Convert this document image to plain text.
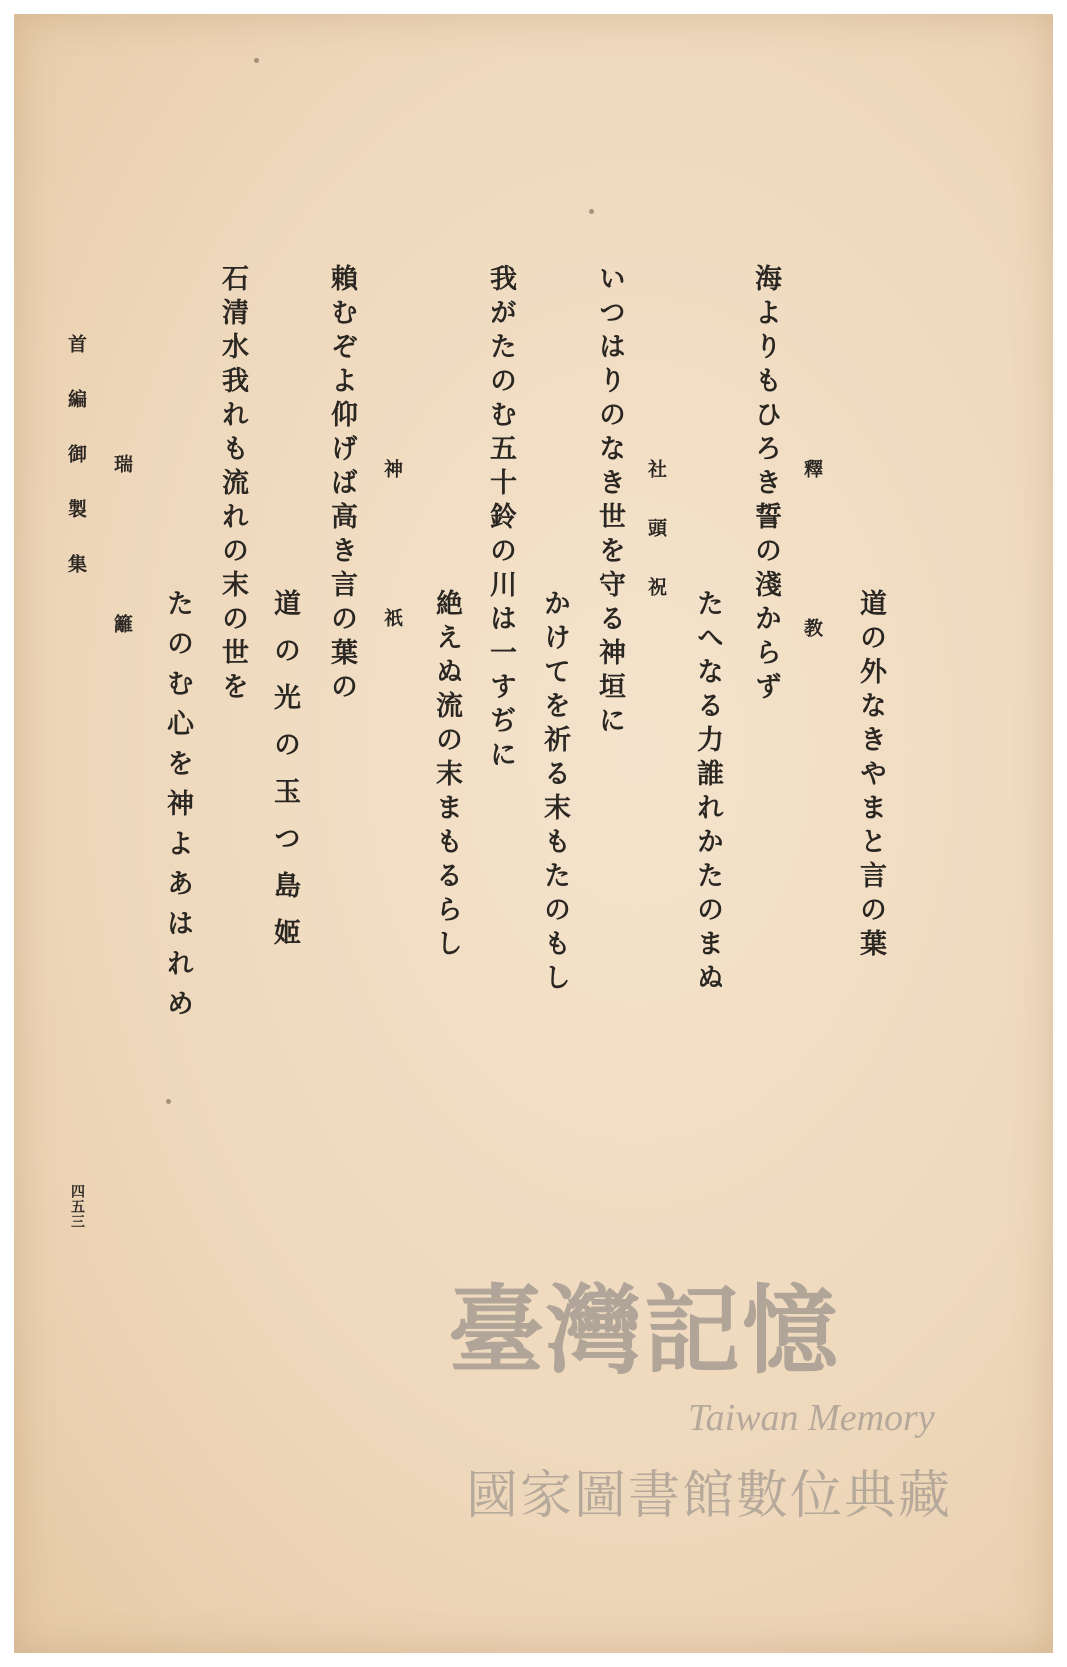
道の外なきやまと言の葉
釋教
海よりもひろき誓の淺からず
たへなる力誰れかたのまぬ
社頭祝
いつはりのなき世を守る神垣に
かけてを祈る末もたのもし
我がたのむ五十鈴の川は一すぢに
絶えぬ流の末まもるらし
神祇
賴むぞよ仰げば高き言の葉の
道の光の玉つ島姬
石清水我れも流れの末の世を
たのむ心を神よあはれめ
瑞
籬
首編御製集
四五三
臺灣記憶
Taiwan Memory
國家圖書館數位典藏
